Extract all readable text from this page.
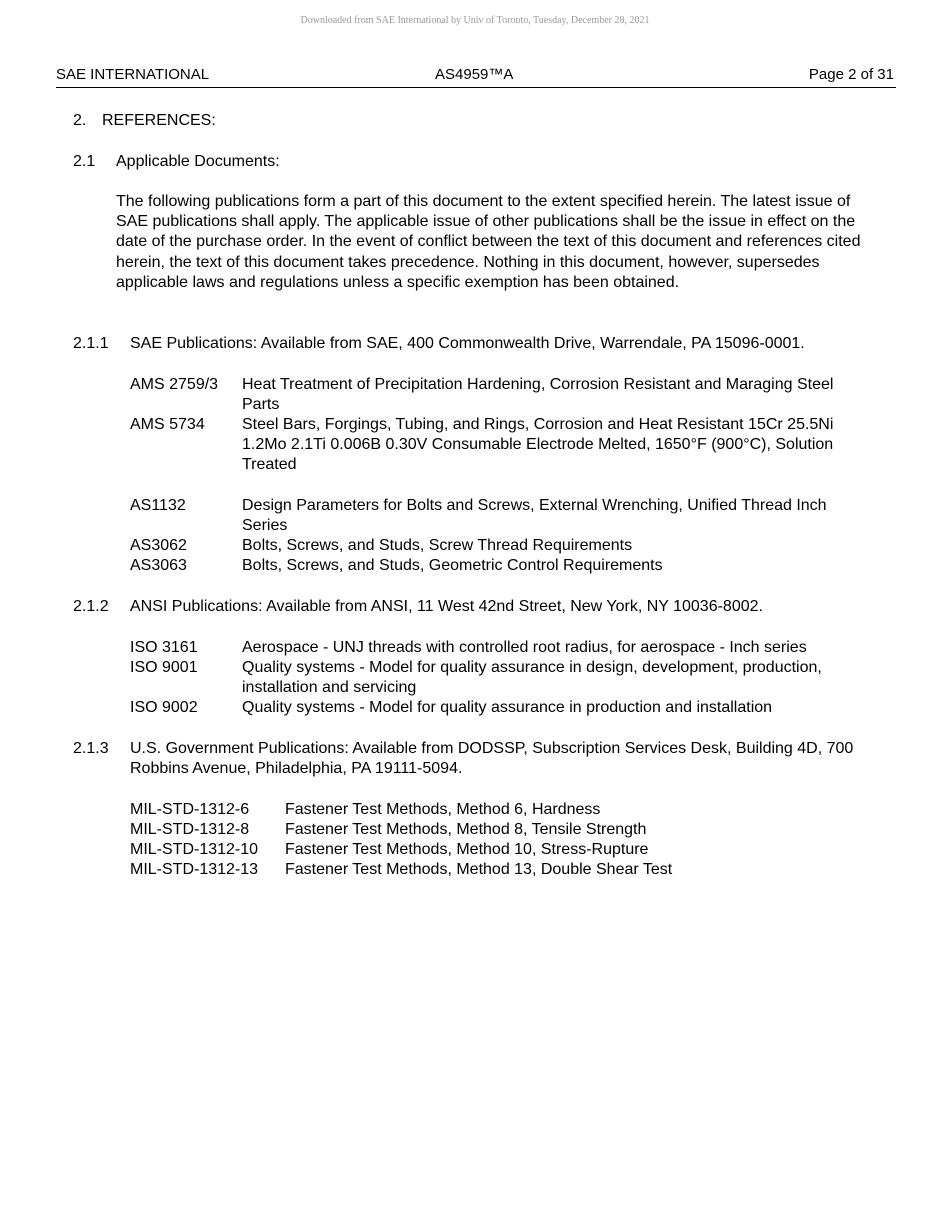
Downloaded from SAE International by Univ of Toronto, Tuesday, December 28, 2021
SAE INTERNATIONAL	AS4959™A	Page 2 of 31
2. REFERENCES:
2.1 Applicable Documents:
The following publications form a part of this document to the extent specified herein. The latest issue of SAE publications shall apply. The applicable issue of other publications shall be the issue in effect on the date of the purchase order. In the event of conflict between the text of this document and references cited herein, the text of this document takes precedence. Nothing in this document, however, supersedes applicable laws and regulations unless a specific exemption has been obtained.
2.1.1 SAE Publications: Available from SAE, 400 Commonwealth Drive, Warrendale, PA 15096-0001.
AMS 2759/3 Heat Treatment of Precipitation Hardening, Corrosion Resistant and Maraging Steel Parts
AMS 5734 Steel Bars, Forgings, Tubing, and Rings, Corrosion and Heat Resistant 15Cr 25.5Ni 1.2Mo 2.1Ti 0.006B 0.30V Consumable Electrode Melted, 1650°F (900°C), Solution Treated
AS1132	Design Parameters for Bolts and Screws, External Wrenching, Unified Thread Inch Series
AS3062	Bolts, Screws, and Studs, Screw Thread Requirements
AS3063	Bolts, Screws, and Studs, Geometric Control Requirements
2.1.2 ANSI Publications: Available from ANSI, 11 West 42nd Street, New York, NY 10036-8002.
ISO 3161	Aerospace - UNJ threads with controlled root radius, for aerospace - Inch series
ISO 9001	Quality systems - Model for quality assurance in design, development, production, installation and servicing
ISO 9002	Quality systems - Model for quality assurance in production and installation
2.1.3 U.S. Government Publications: Available from DODSSP, Subscription Services Desk, Building 4D, 700 Robbins Avenue, Philadelphia, PA 19111-5094.
MIL-STD-1312-6 Fastener Test Methods, Method 6, Hardness
MIL-STD-1312-8 Fastener Test Methods, Method 8, Tensile Strength
MIL-STD-1312-10 Fastener Test Methods, Method 10, Stress-Rupture
MIL-STD-1312-13 Fastener Test Methods, Method 13, Double Shear Test
